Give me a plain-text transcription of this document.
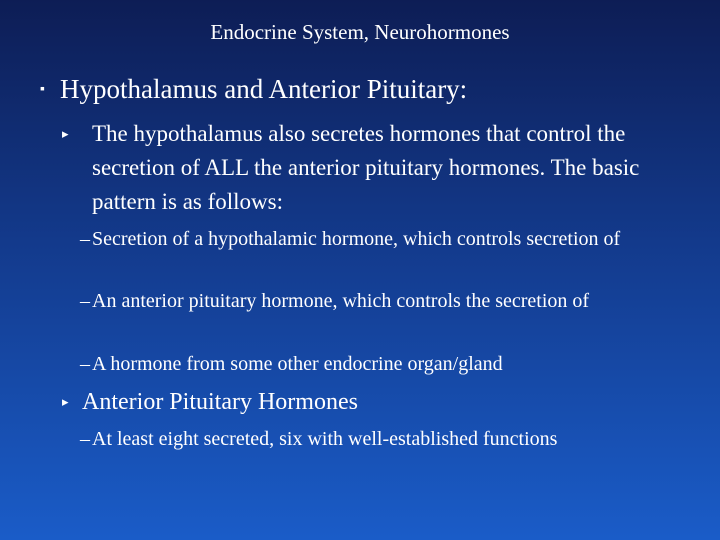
Endocrine System, Neurohormones
▪ Hypothalamus and Anterior Pituitary:
▸	The hypothalamus also secretes hormones that control the secretion of ALL the anterior pituitary hormones. The basic pattern is as follows:
– Secretion of a hypothalamic hormone, which controls secretion of
– An anterior pituitary hormone, which controls the secretion of
– A hormone from some other endocrine organ/gland
▸ Anterior Pituitary Hormones
– At least eight secreted, six with well-established functions
